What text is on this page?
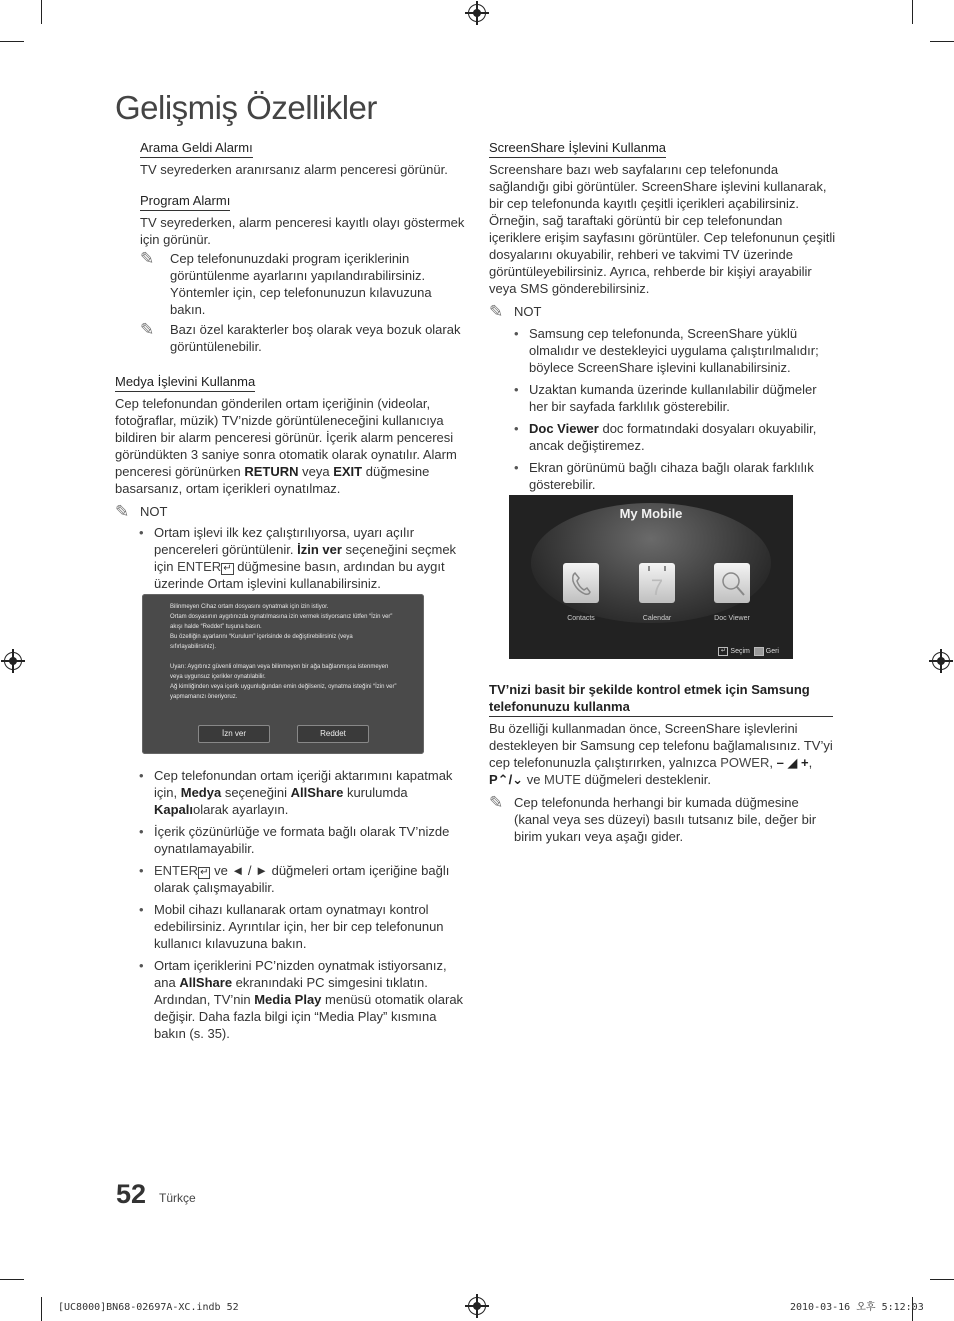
Gelişmiş Özellikler
Arama Geldi Alarmı

TV seyrederken aranırsanız alarm penceresi görünür.

Program Alarmı

TV seyrederken, alarm penceresi kayıtlı olayı göstermek için görünür.

✎ Cep telefonunuzdaki program içeriklerinin görüntülenme ayarlarını yapılandırabilirsiniz. Yöntemler için, cep telefonunuzun kılavuzuna bakın.

✎ Bazı özel karakterler boş olarak veya bozuk olarak görüntülenebilir.

Medya İşlevini Kullanma

Cep telefonundan gönderilen ortam içeriğinin (videolar, fotoğraflar, müzik) TV’nizde görüntüleneceğini kullanıcıya bildiren bir alarm penceresi görünür. İçerik alarm penceresi göründükten 3 saniye sonra otomatik olarak oynatılır. Alarm penceresi görünürken RETURN veya EXIT düğmesine basarsanız, ortam içerikleri oynatılmaz.

✎ NOT
• Ortam işlevi ilk kez çalıştırılıyorsa, uyarı açılır pencereleri görüntülenir. İzin ver seçeneğini seçmek için ENTER ↵ düğmesine basın, ardından bu aygıt üzerinde Ortam işlevini kullanabilirsiniz.
Bilinmeyen Cihaz ortam dosyasını oynatmak için izin istiyor.
Ortam dosyasının aygıtınızda oynatılmasına izin vermek istiyorsanız lütfen “İzin ver” akışı halde “Reddet” tuşuna basın.
Bu özelliğin ayarlarını “Kurulum” içerisinde de değiştirebilirsiniz (veya sıfırlayabilirsiniz).
Uyarı: Aygıtınız güvenli olmayan veya bilinmeyen bir ağa bağlanmışsa istenmeyen veya uygunsuz içerikler oynatılabilir.
Ağ kimliğinden veya içerik uygunluğundan emin değilseniz, oynatma isteğini “İzin ver” yapmamanızı öneriyoruz.
İzn ver	Reddet
• Cep telefonundan ortam içeriği aktarımını kapatmak için, Medya seçeneğini AllShare kurulumda Kapalıolarak ayarlayın.
• İçerik çözünürlüğe ve formata bağlı olarak TV’nizde oynatılamayabilir.
• ENTER ↵ ve ◄ / ► düğmeleri ortam içeriğine bağlı olarak çalışmayabilir.
• Mobil cihazı kullanarak ortam oynatmayı kontrol edebilirsiniz. Ayrıntılar için, her bir cep telefonunun kullanıcı kılavuzuna bakın.
• Ortam içeriklerini PC’nizden oynatmak istiyorsanız, ana AllShare ekranındaki PC simgesini tıklatın. Ardından, TV’nin Media Play menüsü otomatik olarak değişir. Daha fazla bilgi için “Media Play” kısmına bakın (s. 35).
ScreenShare İşlevini Kullanma

Screenshare bazı web sayfalarını cep telefonunda sağlandığı gibi görüntüler. ScreenShare işlevini kullanarak, bir cep telefonunda kayıtlı çeşitli içerikleri açabilirsiniz. Örneğin, sağ taraftaki görüntü bir cep telefonundan içeriklere erişim sayfasını görüntüler. Cep telefonunun çeşitli dosyalarını okuyabilir, rehberi ve takvimi TV üzerinde görüntüleyebilirsiniz. Ayrıca, rehberde bir kişiyi arayabilir veya SMS gönderebilirsiniz.

✎ NOT
• Samsung cep telefonunda, ScreenShare yüklü olmalıdır ve destekleyici uygulama çalıştırılmalıdır; böylece ScreenShare işlevini kullanabilirsiniz.
• Uzaktan kumanda üzerinde kullanılabilir düğmeler her bir sayfada farklılık gösterebilir.
• Doc Viewer doc formatındaki dosyaları okuyabilir, ancak değiştiremez.
• Ekran görünümü bağlı cihaza bağlı olarak farklılık gösterebilir.
My Mobile
7
Contacts	Calendar	Doc Viewer
↵ Seçim Geri
TV’nizi basit bir şekilde kontrol etmek için Samsung telefonunuzu kullanma

Bu özelliği kullanmadan önce, ScreenShare işlevlerini destekleyen bir Samsung cep telefonu bağlamalısınız. TV’yi cep telefonunuzla çalıştırırken, yalnızca POWER, – ◢ +, P⌃/⌄ ve MUTE düğmeleri desteklenir.

✎ Cep telefonunda herhangi bir kumada düğmesine (kanal veya ses düzeyi) basılı tutsanız bile, değer bir birim yukarı veya aşağı gider.

52 Türkçe
[UC8000]BN68-02697A-XC.indb 52	2010-03-16 오후 5:12:03
